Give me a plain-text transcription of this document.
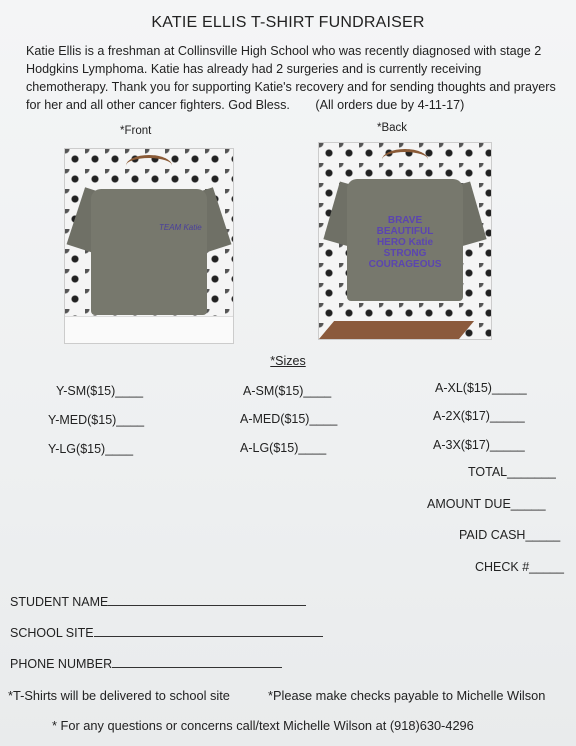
KATIE ELLIS T-SHIRT FUNDRAISER
Katie Ellis is a freshman at Collinsville High School who was recently diagnosed with stage 2 Hodgkins Lymphoma. Katie has already had 2 surgeries and is currently receiving chemotherapy. Thank you for supporting Katie's recovery and for sending thoughts and prayers for her and all other cancer fighters. God Bless. (All orders due by 4-11-17)
*Front	*Back
TEAM Katie
BRAVE BEAUTIFUL HERO Katie STRONG COURAGEOUS
*Sizes
Y-SM($15)____
Y-MED($15)____
Y-LG($15)____
A-SM($15)____
A-MED($15)____
A-LG($15)____
A-XL($15)_____
A-2X($17)_____
A-3X($17)_____
TOTAL_______
AMOUNT DUE_____
PAID CASH_____
CHECK #_____
STUDENT NAME
SCHOOL SITE
PHONE NUMBER
*T-Shirts will be delivered to school site	*Please make checks payable to Michelle Wilson
* For any questions or concerns call/text Michelle Wilson at (918)630-4296
